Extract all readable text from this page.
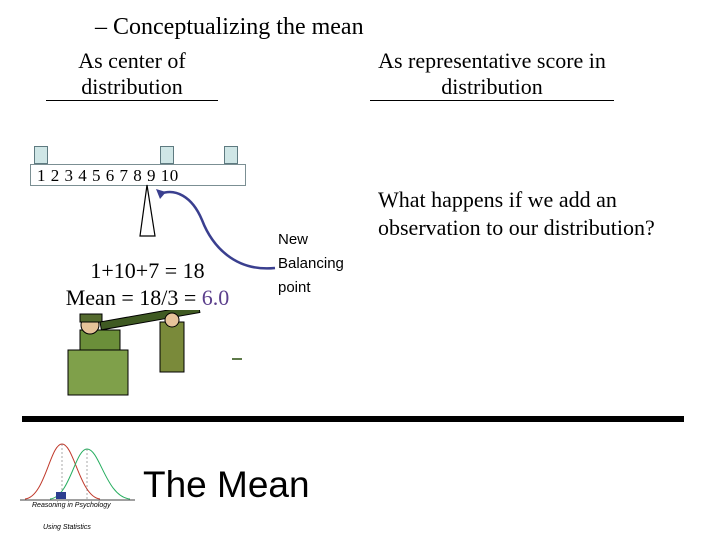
– Conceptualizing the mean
As center of distribution
As representative score in distribution
1 2 3 4 5 6 7 8 9 10
1+10+7 = 18
Mean = 18/3 = 6.0
New
Balancing
point
What happens if we add an observation to our distribution?
Reasoning in Psychology
Using Statistics
The Mean
